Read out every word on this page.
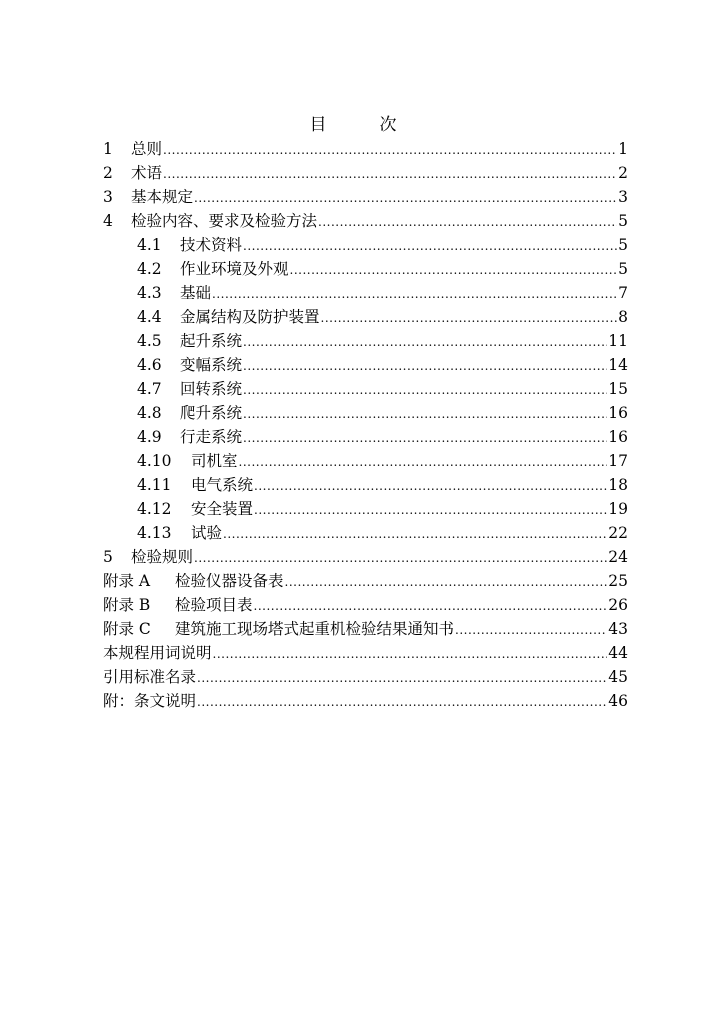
目　次
1	总则 .....	1
2	术语 .....	2
3	基本规定 .....	3
4	检验内容、要求及检验方法 .....	5
4.1	技术资料 .....	5
4.2	作业环境及外观 .....	5
4.3	基础 .....	7
4.4	金属结构及防护装置 .....	8
4.5	起升系统 .....	11
4.6	变幅系统 .....	14
4.7	回转系统 .....	15
4.8	爬升系统 .....	16
4.9	行走系统 .....	16
4.10	司机室 .....	17
4.11	电气系统 .....	18
4.12	安全装置 .....	19
4.13	试验 .....	22
5	检验规则 .....	24
附录 A	检验仪器设备表 .....	25
附录 B	检验项目表 .....	26
附录 C	建筑施工现场塔式起重机检验结果通知书 .....	43
本规程用词说明 .....	44
引用标准名录 .....	45
附：条文说明 .....	46
